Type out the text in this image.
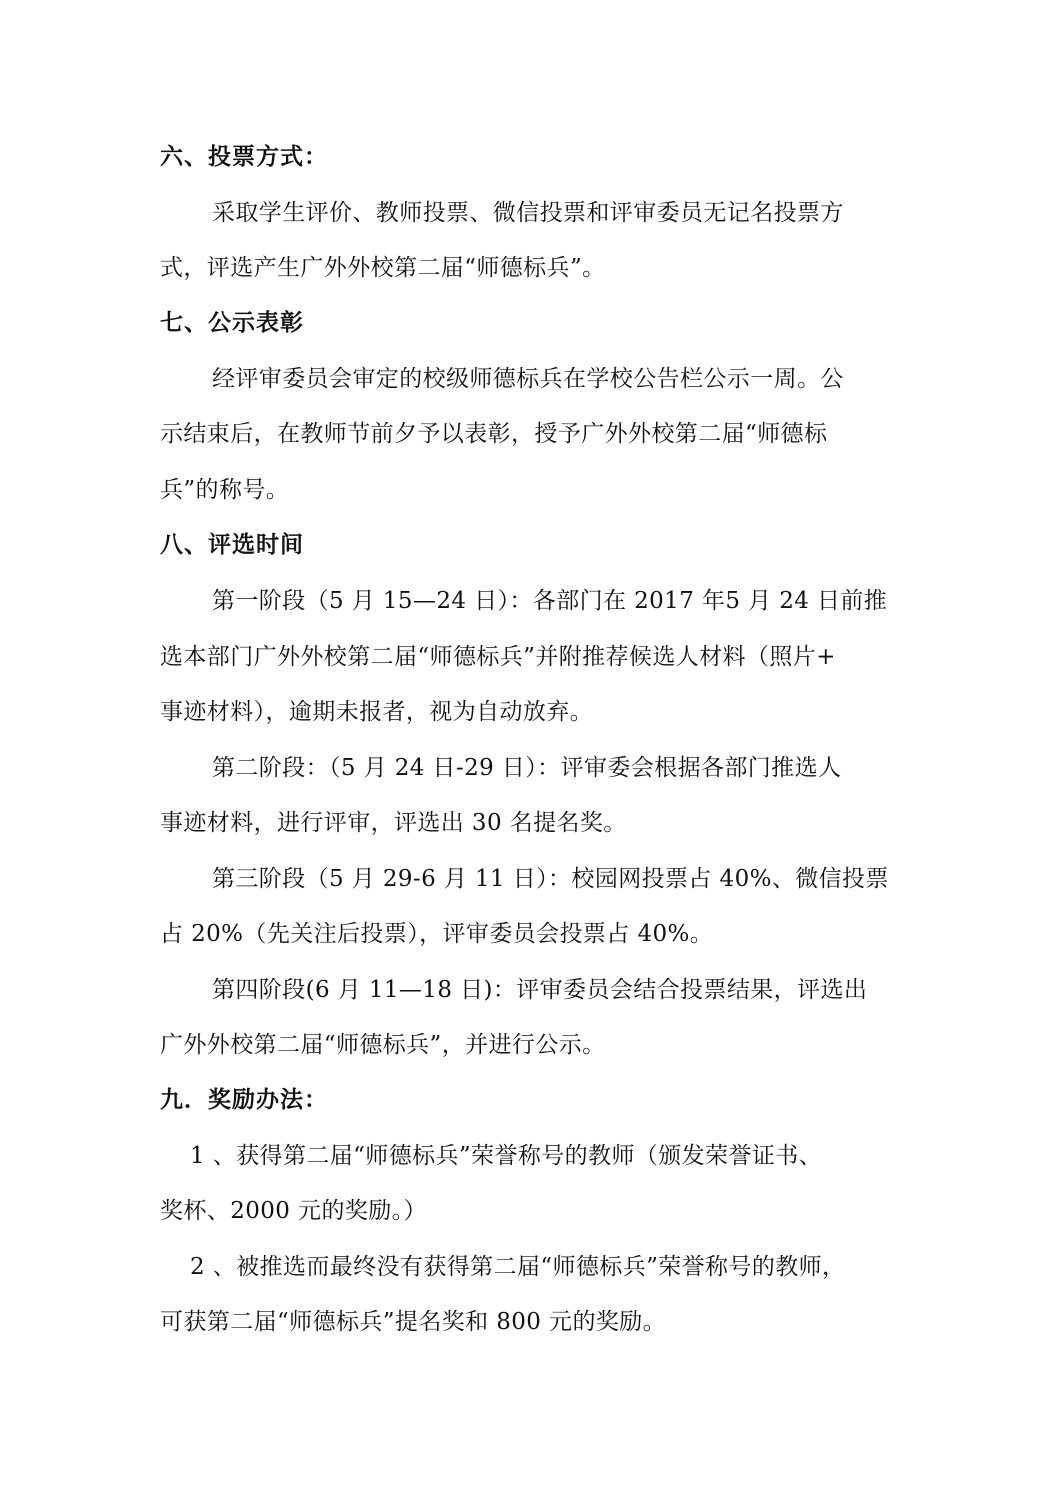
六、投票方式：
采取学生评价、教师投票、微信投票和评审委员无记名投票方
式，评选产生广外外校第二届“师德标兵”。
七、公示表彰
经评审委员会审定的校级师德标兵在学校公告栏公示一周。公
示结束后，在教师节前夕予以表彰，授予广外外校第二届“师德标
兵”的称号。
八、评选时间
第一阶段（5 月 15—24 日）：各部门在 2017 年5 月 24 日前推
选本部门广外外校第二届“师德标兵”并附推荐候选人材料（照片+
事迹材料），逾期未报者，视为自动放弃。
第二阶段：（5 月 24 日-29 日）：评审委会根据各部门推选人
事迹材料，进行评审，评选出 30 名提名奖。
第三阶段（5 月 29-6 月 11 日）：校园网投票占 40%、微信投票
占 20%（先关注后投票），评审委员会投票占 40%。
第四阶段(6 月 11—18 日)：评审委员会结合投票结果，评选出
广外外校第二届“师德标兵”，并进行公示。
九．奖励办法：
1 、获得第二届“师德标兵”荣誉称号的教师（颁发荣誉证书、
奖杯、2000 元的奖励。）
2 、被推选而最终没有获得第二届“师德标兵”荣誉称号的教师，
可获第二届“师德标兵”提名奖和 800 元的奖励。
